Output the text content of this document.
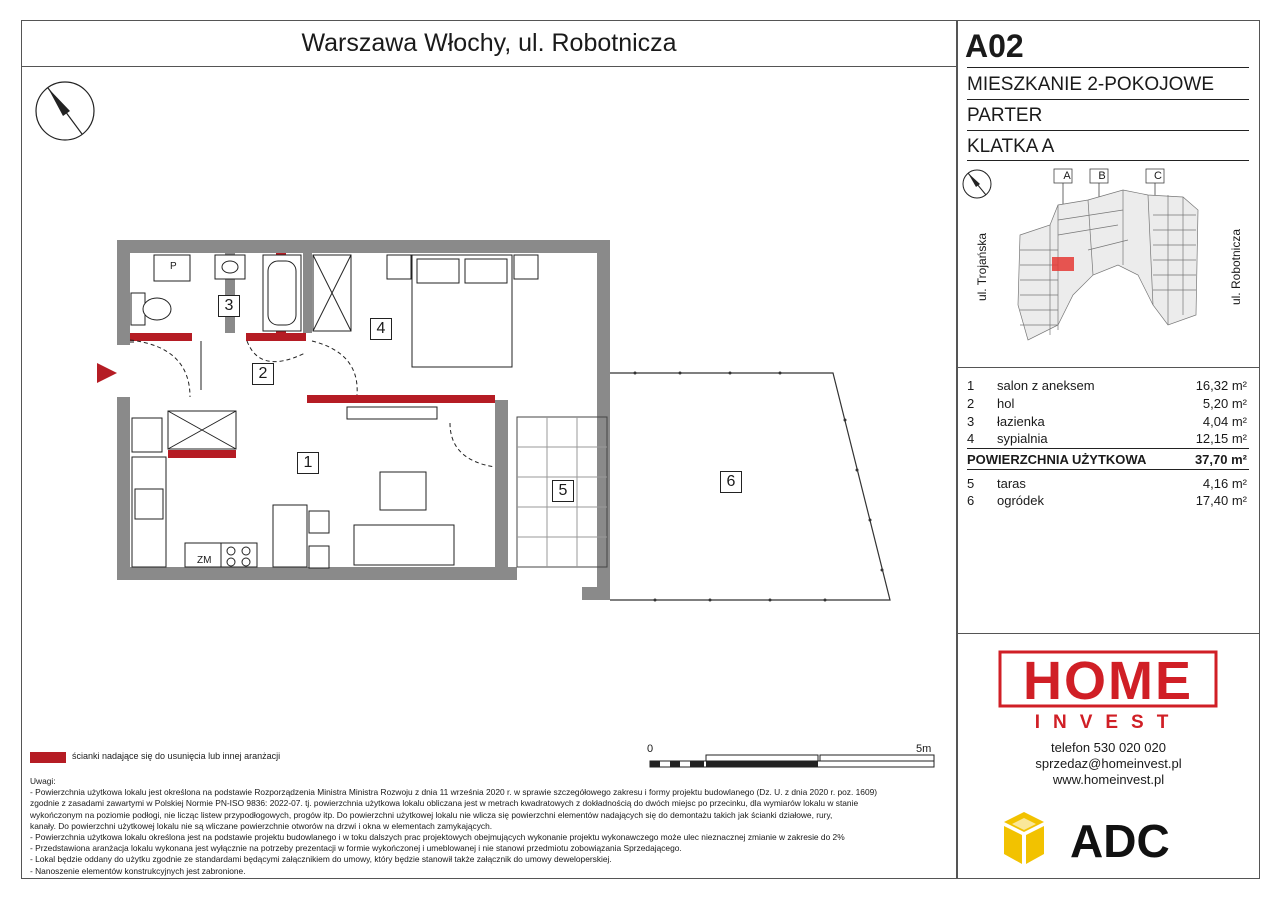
Warszawa Włochy, ul. Robotnicza
1
2
3
4
5
6
P
ZM
A02
MIESZKANIE 2-POKOJOWE
PARTER
KLATKA A
A	B	C
ul. Trojańska	ul. Robotnicza
1	salon z aneksem	16,32 m²
2	hol	5,20 m²
3	łazienka	4,04 m²
4	sypialnia	12,15 m²
POWIERZCHNIA UŻYTKOWA	37,70 m²
5	taras	4,16 m²
6	ogródek	17,40 m²
HOME
INVEST
telefon 530 020 020
sprzedaz@homeinvest.pl
www.homeinvest.pl
ADC
ścianki nadające się do usunięcia lub innej aranżacji
0	5m
Uwagi:
- Powierzchnia użytkowa lokalu jest określona na podstawie Rozporządzenia Ministra Ministra Rozwoju z dnia 11 września 2020 r. w sprawie szczegółowego zakresu i formy projektu budowlanego (Dz. U. z dnia 2020 r. poz. 1609)
zgodnie z zasadami zawartymi w Polskiej Normie PN-ISO 9836: 2022-07. tj. powierzchnia użytkowa lokalu obliczana jest w metrach kwadratowych z dokładnością do dwóch miejsc po przecinku, dla wymiarów lokalu w stanie
wykończonym na poziomie podłogi, nie licząc listew przypodłogowych, progów itp. Do powierzchni użytkowej lokalu nie wlicza się powierzchni elementów nadających się do demontażu takich jak ścianki działowe, rury,
kanały. Do powierzchni użytkowej lokalu nie są wliczane powierzchnie otworów na drzwi i okna w elementach zamykających.
- Powierzchnia użytkowa lokalu określona jest na podstawie projektu budowlanego i w toku dalszych prac projektowych obejmujących wykonanie projektu wykonawczego może ulec nieznacznej zmianie w zakresie do 2%
- Przedstawiona aranżacja lokalu wykonana jest wyłącznie na potrzeby prezentacji w formie wykończonej i umeblowanej i nie stanowi przedmiotu zobowiązania Sprzedającego.
- Lokal będzie oddany do użytku zgodnie ze standardami będącymi załącznikiem do umowy, który będzie stanowił także załącznik do umowy deweloperskiej.
- Nanoszenie elementów konstrukcyjnych jest zabronione.
